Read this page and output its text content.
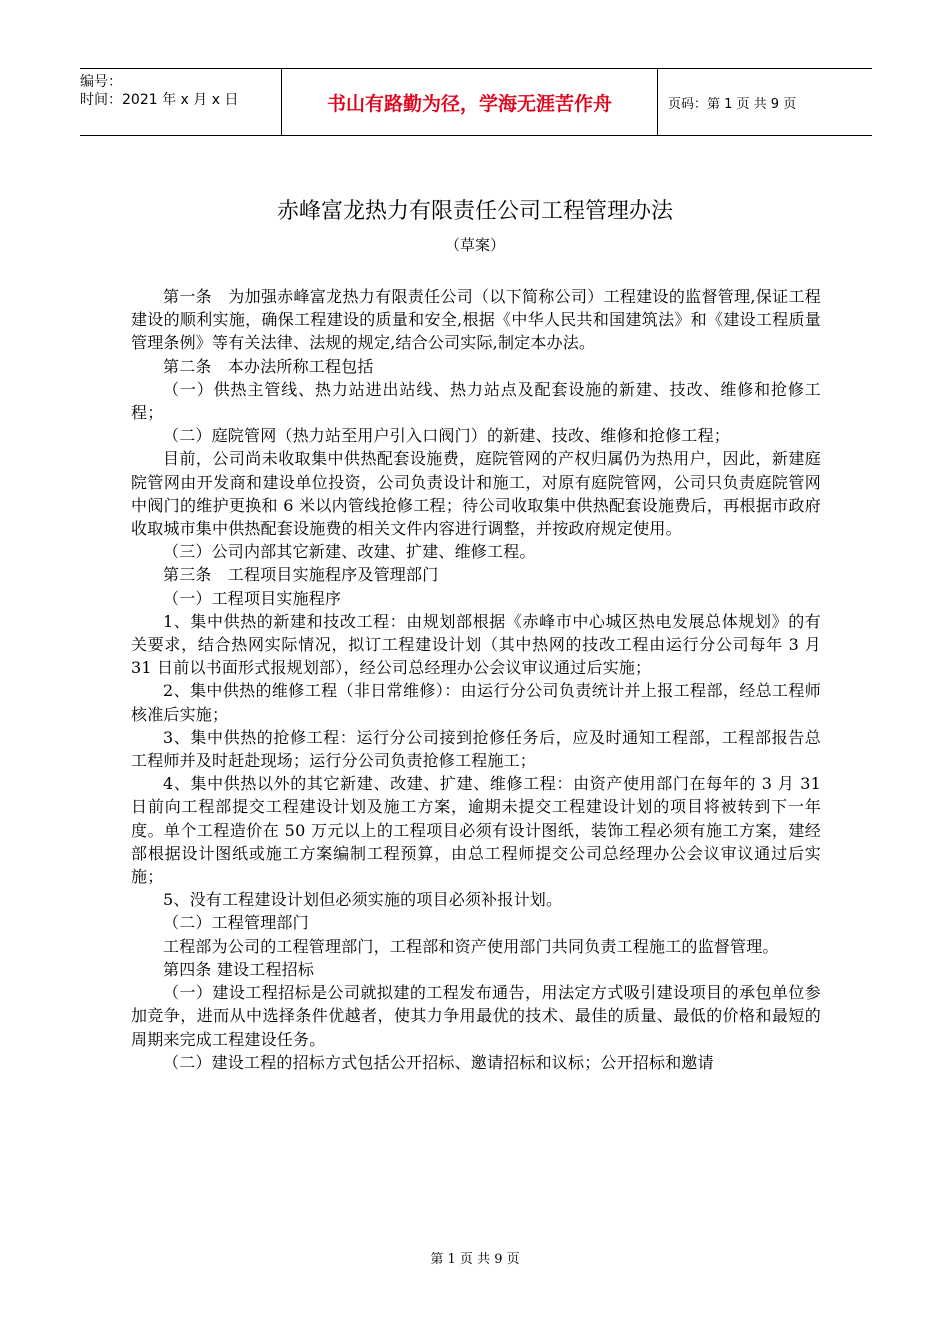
编号：
时间：2021 年 x 月 x 日	书山有路勤为径，学海无涯苦作舟	页码：第 1 页 共 9 页
赤峰富龙热力有限责任公司工程管理办法
（草案）

第一条　为加强赤峰富龙热力有限责任公司（以下简称公司）工程建设的监督管理,保证工程建设的顺利实施，确保工程建设的质量和安全,根据《中华人民共和国建筑法》和《建设工程质量管理条例》等有关法律、法规的规定,结合公司实际,制定本办法。

第二条　本办法所称工程包括

（一）供热主管线、热力站进出站线、热力站点及配套设施的新建、技改、维修和抢修工程；

（二）庭院管网（热力站至用户引入口阀门）的新建、技改、维修和抢修工程；

目前，公司尚未收取集中供热配套设施费，庭院管网的产权归属仍为热用户，因此，新建庭院管网由开发商和建设单位投资，公司负责设计和施工，对原有庭院管网，公司只负责庭院管网中阀门的维护更换和 6 米以内管线抢修工程；待公司收取集中供热配套设施费后，再根据市政府收取城市集中供热配套设施费的相关文件内容进行调整，并按政府规定使用。

（三）公司内部其它新建、改建、扩建、维修工程。

第三条　工程项目实施程序及管理部门

（一）工程项目实施程序

1、集中供热的新建和技改工程：由规划部根据《赤峰市中心城区热电发展总体规划》的有关要求，结合热网实际情况，拟订工程建设计划（其中热网的技改工程由运行分公司每年 3 月 31 日前以书面形式报规划部），经公司总经理办公会议审议通过后实施；

2、集中供热的维修工程（非日常维修）：由运行分公司负责统计并上报工程部，经总工程师核准后实施；

3、集中供热的抢修工程：运行分公司接到抢修任务后，应及时通知工程部，工程部报告总工程师并及时赶赴现场；运行分公司负责抢修工程施工；

4、集中供热以外的其它新建、改建、扩建、维修工程：由资产使用部门在每年的 3 月 31 日前向工程部提交工程建设计划及施工方案，逾期未提交工程建设计划的项目将被转到下一年度。单个工程造价在 50 万元以上的工程项目必须有设计图纸，装饰工程必须有施工方案，建经部根据设计图纸或施工方案编制工程预算，由总工程师提交公司总经理办公会议审议通过后实施；

5、没有工程建设计划但必须实施的项目必须补报计划。

（二）工程管理部门

工程部为公司的工程管理部门，工程部和资产使用部门共同负责工程施工的监督管理。

第四条 建设工程招标

（一）建设工程招标是公司就拟建的工程发布通告，用法定方式吸引建设项目的承包单位参加竞争，进而从中选择条件优越者，使其力争用最优的技术、最佳的质量、最低的价格和最短的周期来完成工程建设任务。

（二）建设工程的招标方式包括公开招标、邀请招标和议标；公开招标和邀请

第 1 页 共 9 页
